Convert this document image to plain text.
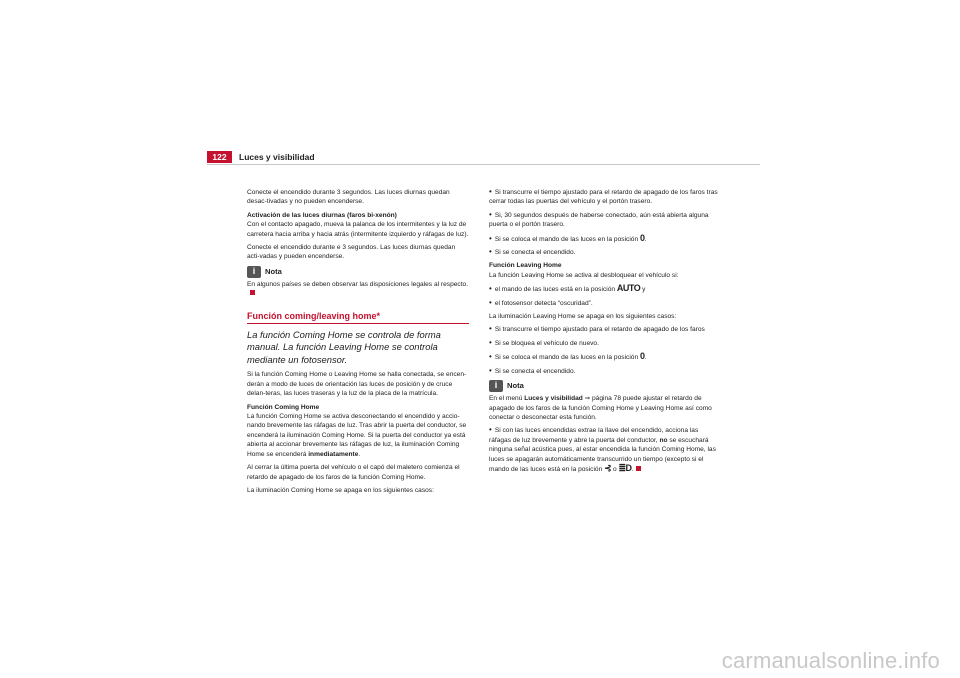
122	Luces y visibilidad

Conecte el encendido durante 3 segundos. Las luces diurnas quedan desac-tivadas y no pueden encenderse.

Activación de las luces diurnas (faros bi-xenón)
Con el contacto apagado, mueva la palanca de los intermitentes y la luz de carretera hacia arriba y hacia atrás (intermitente izquierdo y ráfagas de luz).

Conecte el encendido durante e 3 segundos. Las luces diurnas quedan acti-vadas y pueden encenderse.

i	Nota

En algunos países se deben observar las disposiciones legales al respecto.

Función coming/leaving home*

La función Coming Home se controla de forma manual. La función Leaving Home se controla mediante un fotosensor.

Si la función Coming Home o Leaving Home se halla conectada, se encen-derán a modo de luces de orientación las luces de posición y de cruce delan-teras, las luces traseras y la luz de la placa de la matrícula.

Función Coming Home
La función Coming Home se activa desconectando el encendido y accio-nando brevemente las ráfagas de luz. Tras abrir la puerta del conductor, se encenderá la iluminación Coming Home. Si la puerta del conductor ya está abierta al accionar brevemente las ráfagas de luz, la iluminación Coming Home se encenderá inmediatamente.

Al cerrar la última puerta del vehículo o el capó del maletero comienza el retardo de apagado de los faros de la función Coming Home.

La iluminación Coming Home se apaga en los siguientes casos:

• Si transcurre el tiempo ajustado para el retardo de apagado de los faros tras cerrar todas las puertas del vehículo y el portón trasero.

• Si, 30 segundos después de haberse conectado, aún está abierta alguna puerta o el portón trasero.

• Si se coloca el mando de las luces en la posición 0.

• Si se conecta el encendido.

Función Leaving Home
La función Leaving Home se activa al desbloquear el vehículo si:

• el mando de las luces está en la posición AUTO y

• el fotosensor detecta “oscuridad”.

La iluminación Leaving Home se apaga en los siguientes casos:

• Si transcurre el tiempo ajustado para el retardo de apagado de los faros

• Si se bloquea el vehículo de nuevo.

• Si se coloca el mando de las luces en la posición 0.

• Si se conecta el encendido.

i	Nota

En el menú Luces y visibilidad ⇒ página 78 puede ajustar el retardo de apagado de los faros de la función Coming Home y Leaving Home así como conectar o desconectar esta función.

• Si con las luces encendidas extrae la llave del encendido, acciona las ráfagas de luz brevemente y abre la puerta del conductor, no se escuchará ninguna señal acústica pues, al estar encendida la función Coming Home, las luces se apagarán automáticamente transcurrido un tiempo (excepto si el mando de las luces está en la posición ⊰ o ≣D.

carmanualsonline.info
